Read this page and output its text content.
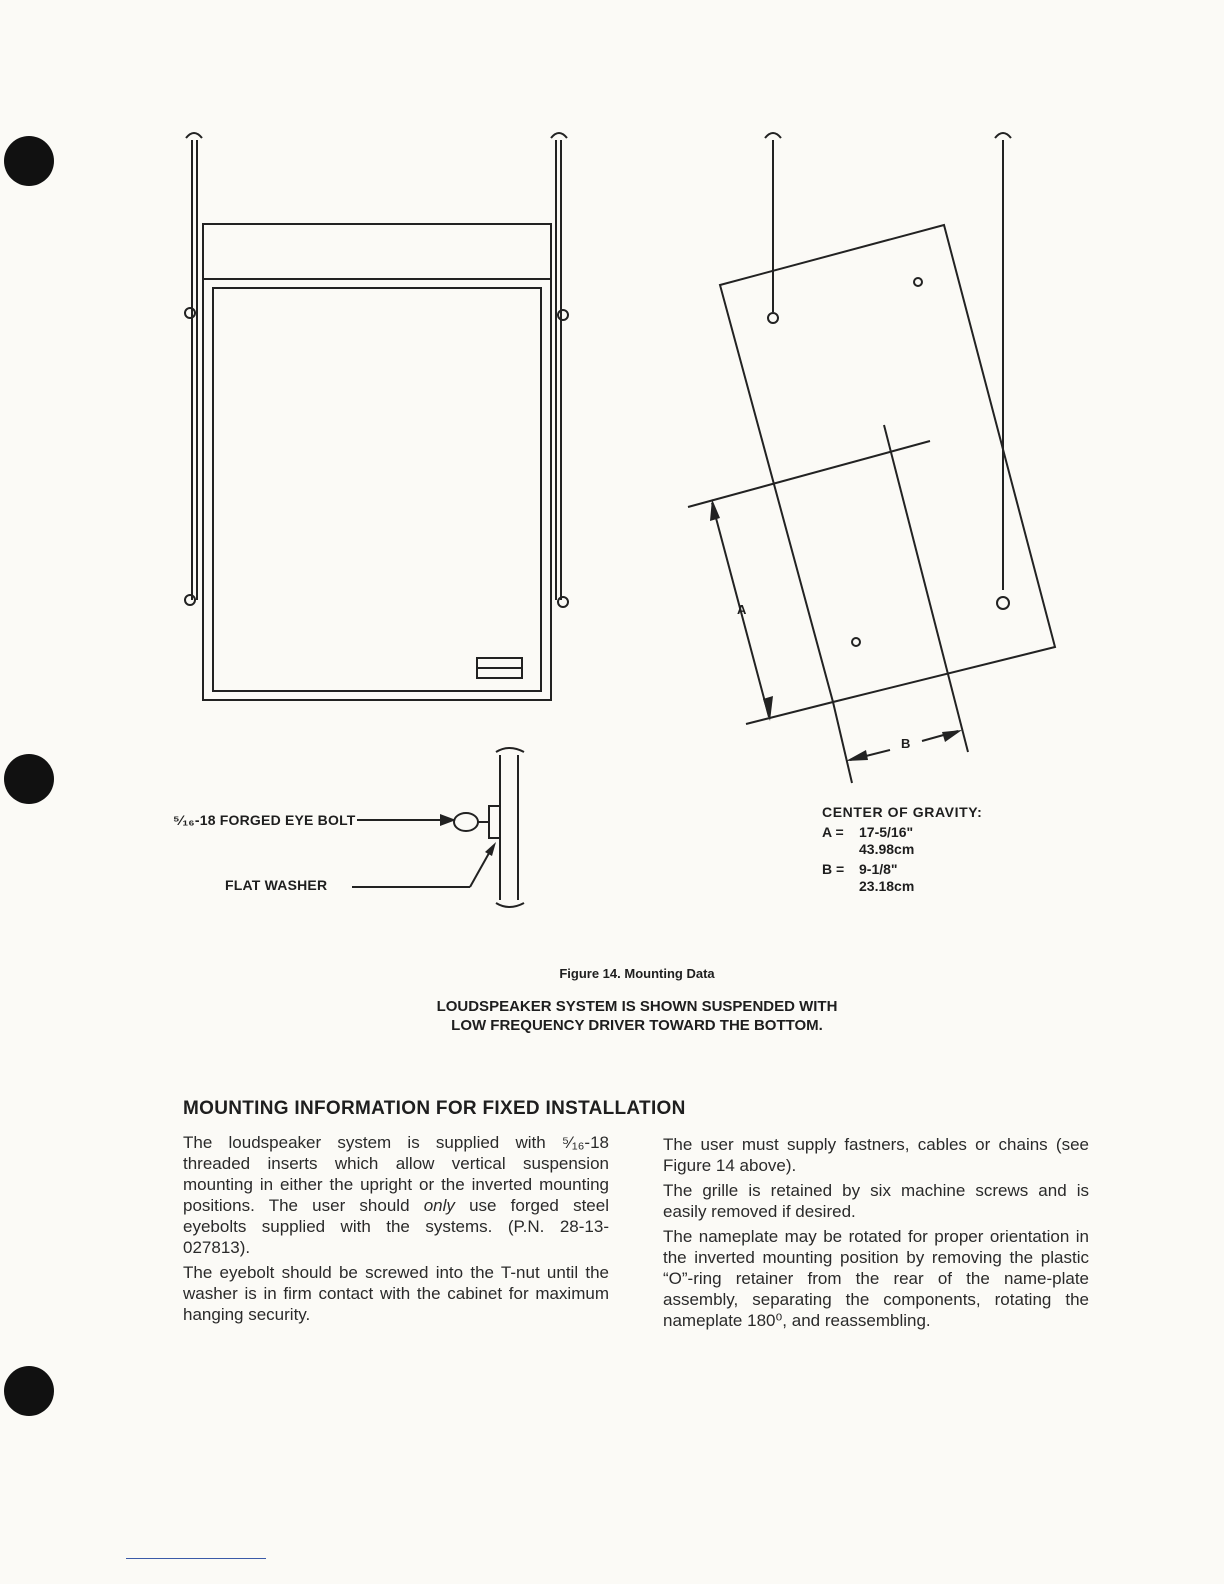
⁵⁄₁₆-18 FORGED EYE BOLT
FLAT WASHER
A
B
CENTER OF GRAVITY:
A =	17-5/16"
43.98cm
B =	9-1/8"
23.18cm
Figure 14. Mounting Data
LOUDSPEAKER SYSTEM IS SHOWN SUSPENDED WITH
LOW FREQUENCY DRIVER TOWARD THE BOTTOM.
MOUNTING INFORMATION FOR FIXED INSTALLATION

The loudspeaker system is supplied with ⁵⁄₁₆-18 threaded inserts which allow vertical suspension mounting in either the upright or the inverted mounting positions. The user should only use forged steel eyebolts supplied with the systems. (P.N. 28-13-027813).

The eyebolt should be screwed into the T-nut until the washer is in firm contact with the cabinet for maximum hanging security.

The user must supply fastners, cables or chains (see Figure 14 above).

The grille is retained by six machine screws and is easily removed if desired.

The nameplate may be rotated for proper orientation in the inverted mounting position by removing the plastic “O”-ring retainer from the rear of the name-plate assembly, separating the components, rotating the nameplate 180⁰, and reassembling.
